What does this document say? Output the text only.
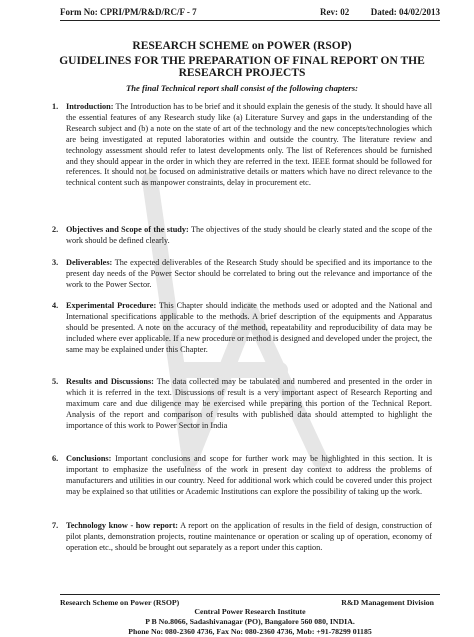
Form No: CPRI/PM/R&D/RC/F - 7	Rev: 02 Dated: 04/02/2013
RESEARCH SCHEME on POWER (RSOP)
GUIDELINES FOR THE PREPARATION OF FINAL REPORT ON THE RESEARCH PROJECTS
The final Technical report shall consist of the following chapters:
1. Introduction: The Introduction has to be brief and it should explain the genesis of the study. It should have all the essential features of any Research study like (a) Literature Survey and gaps in the understanding of the Research subject and (b) a note on the state of art of the technology and the new concepts/technologies which are being investigated at reputed laboratories within and outside the country. The literature review and technology assessment should refer to latest developments only. The list of References should be furnished and they should appear in the order in which they are referred in the text. IEEE format should be followed for references. It should not be focused on administrative details or matters which have no direct relevance to the technical content such as manpower constraints, delay in procurement etc.
2. Objectives and Scope of the study: The objectives of the study should be clearly stated and the scope of the work should be defined clearly.
3. Deliverables: The expected deliverables of the Research Study should be specified and its importance to the present day needs of the Power Sector should be correlated to bring out the relevance and importance of the work to the Power Sector.
4. Experimental Procedure: This Chapter should indicate the methods used or adopted and the National and International specifications applicable to the methods. A brief description of the equipments and Apparatus should be presented. A note on the accuracy of the method, repeatability and reproducibility of data may be included where ever applicable. If a new procedure or method is designed and developed under the project, the same may be explained under this Chapter.
5. Results and Discussions: The data collected may be tabulated and numbered and presented in the order in which it is referred in the text. Discussions of result is a very important aspect of Research Reporting and maximum care and due diligence may be exercised while preparing this portion of the Technical Report. Analysis of the report and comparison of results with published data should attempted to highlight the importance of this work to Power Sector in India
6. Conclusions: Important conclusions and scope for further work may be highlighted in this section. It is important to emphasize the usefulness of the work in present day context to address the problems of manufacturers and utilities in our country. Need for additional work which could be covered under this project may be explained so that utilities or Academic Institutions can explore the possibility of taking up the work.
7. Technology know - how report: A report on the application of results in the field of design, construction of pilot plants, demonstration projects, routine maintenance or operation or scaling up of operation, economy of operation etc., should be brought out separately as a report under this caption.
Research Scheme on Power (RSOP)	R&D Management Division
Central Power Research Institute
P B No.8066, Sadashivanagar (PO), Bangalore 560 080, INDIA.
Phone No: 080-2360 4736, Fax No: 080-2360 4736, Mob: +91-78299 01185
